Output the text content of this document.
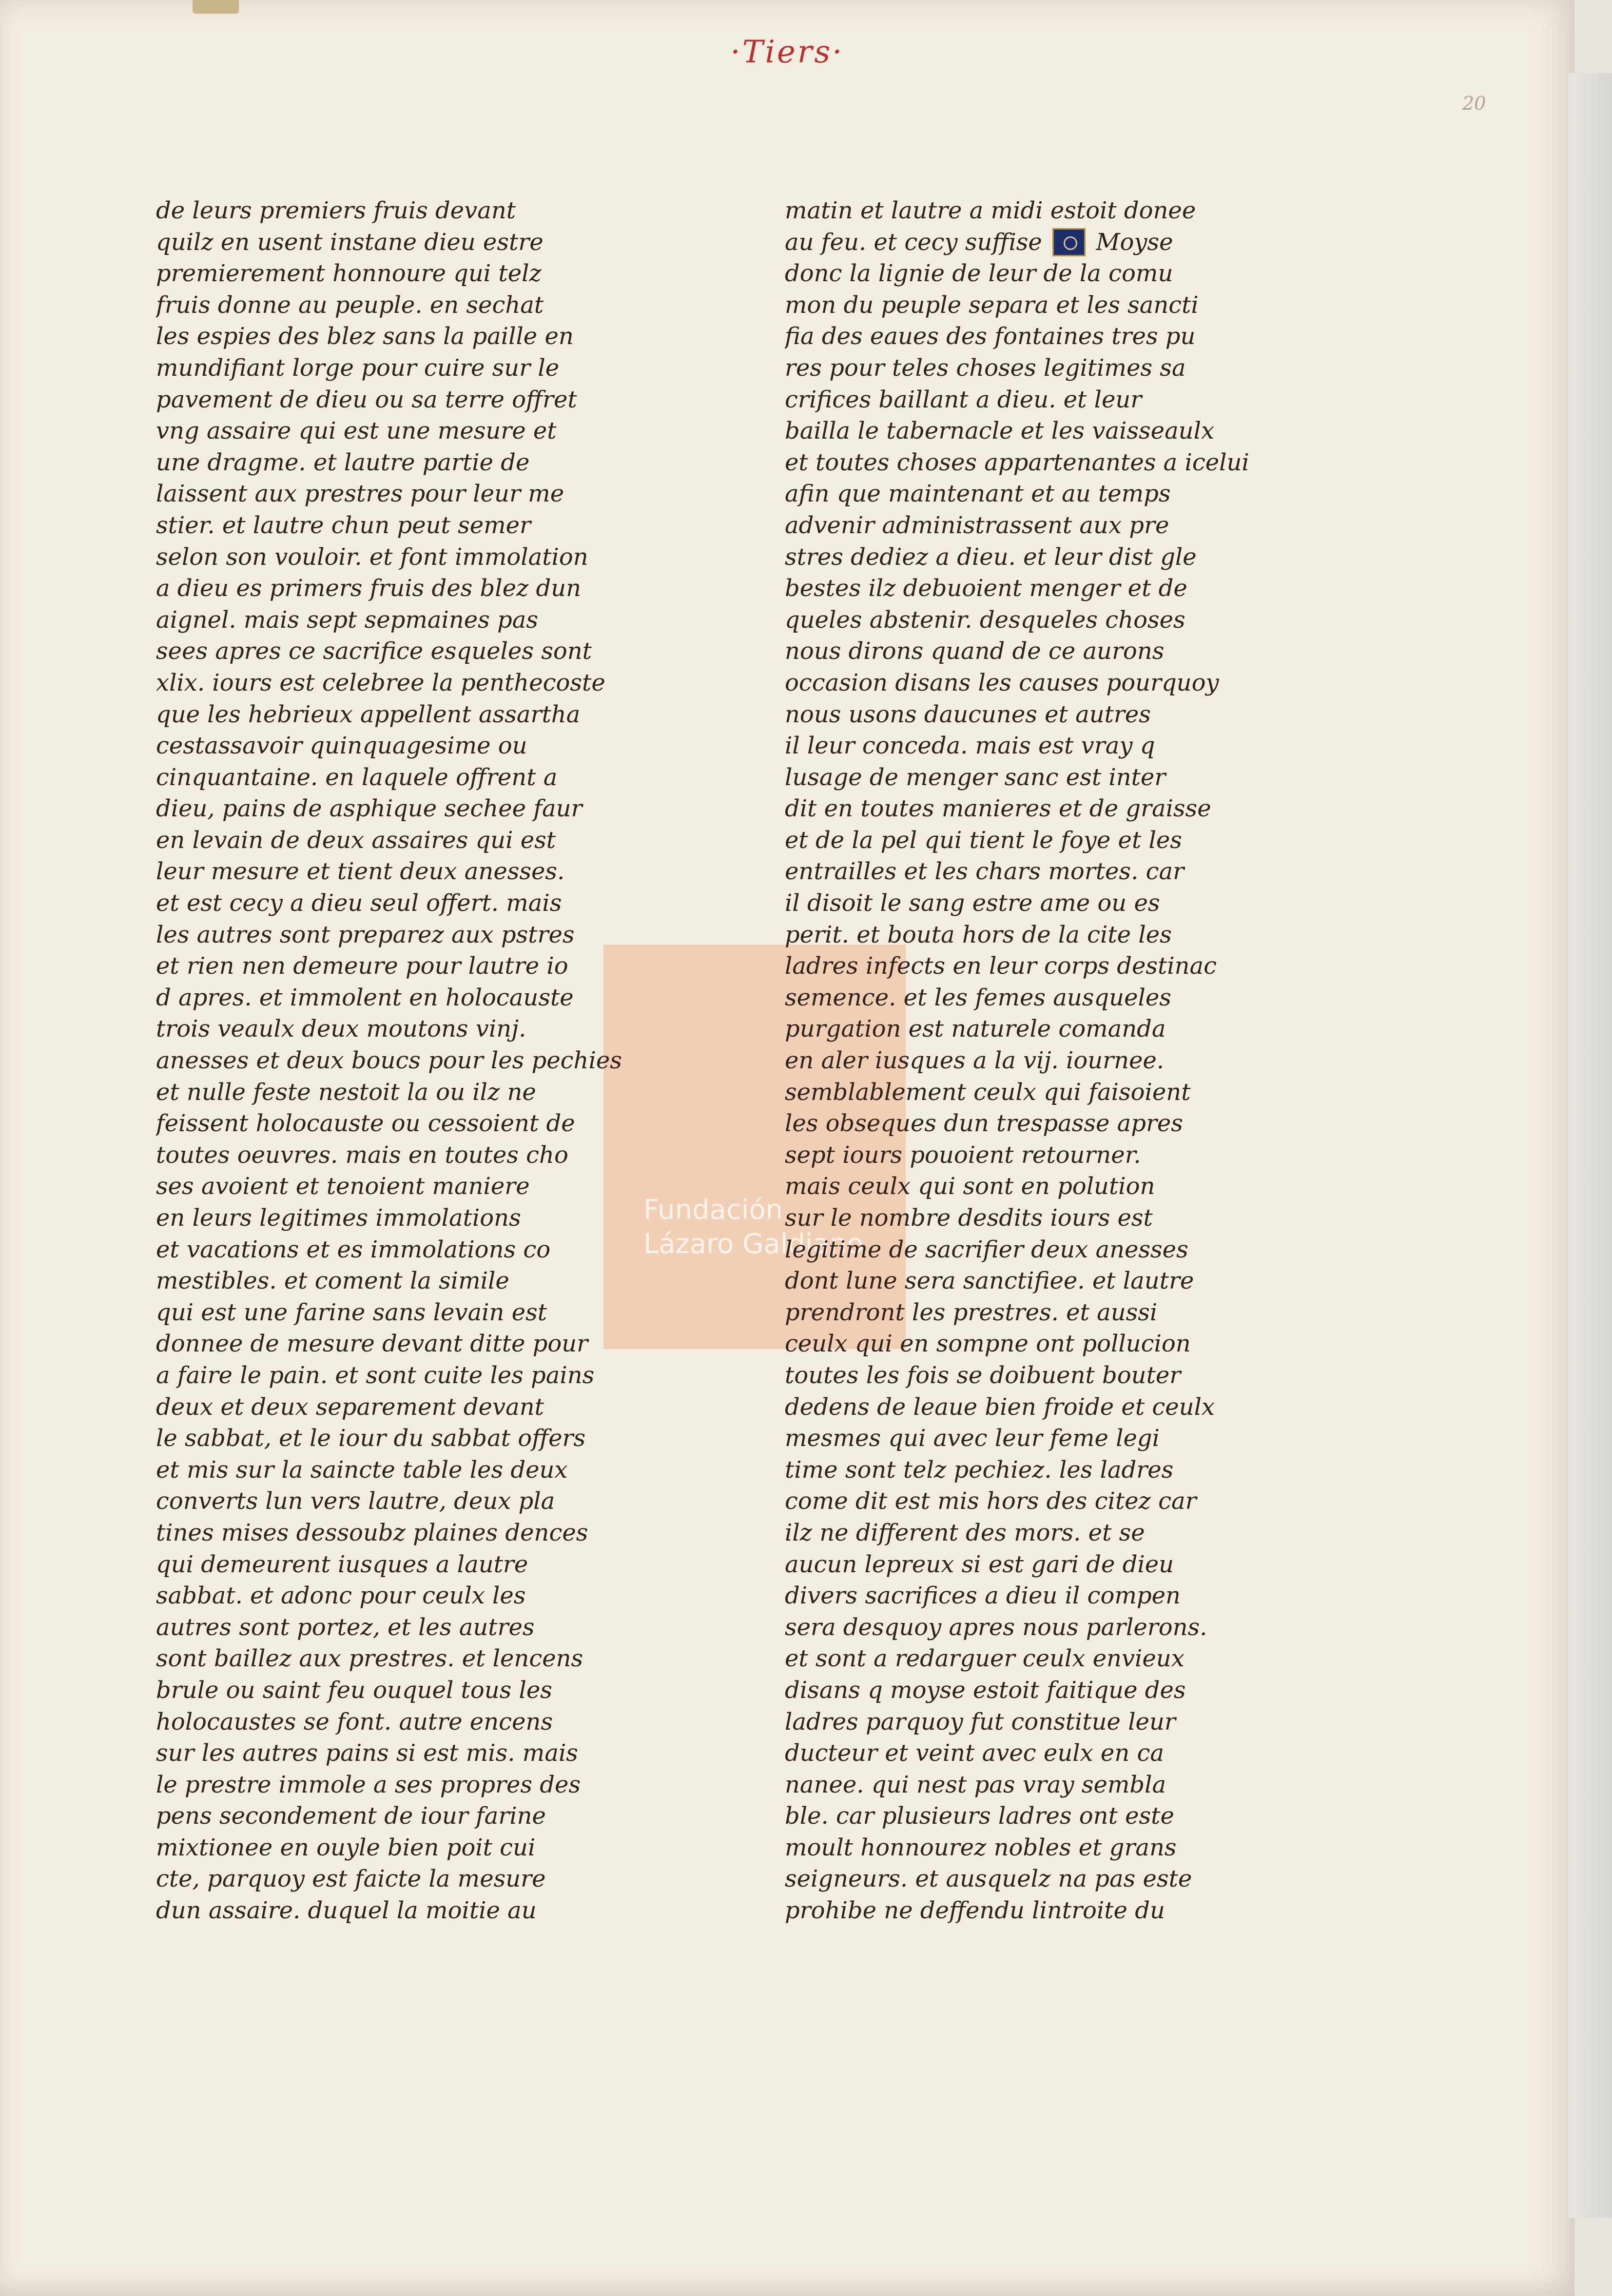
·Tiers·
20
Fundación
Lázaro Galdiano
de leurs premiers fruis devant
quilz en usent instane dieu estre
premierement honnoure qui telz
fruis donne au peuple. en sechat
les espies des blez sans la paille en
mundifiant lorge pour cuire sur le
pavement de dieu ou sa terre offret
vng assaire qui est une mesure et
une dragme. et lautre partie de
laissent aux prestres pour leur me
stier. et lautre chun peut semer
selon son vouloir. et font immolation
a dieu es primers fruis des blez dun
aignel. mais sept sepmaines pas
sees apres ce sacrifice esqueles sont
xlix. iours est celebree la penthecoste
que les hebrieux appellent assartha
cestassavoir quinquagesime ou
cinquantaine. en laquele offrent a
dieu, pains de asphique sechee faur
en levain de deux assaires qui est
leur mesure et tient deux anesses.
et est cecy a dieu seul offert. mais
les autres sont preparez aux pstres
et rien nen demeure pour lautre io
d apres. et immolent en holocauste
trois veaulx deux moutons vinj.
anesses et deux boucs pour les pechies
et nulle feste nestoit la ou ilz ne
feissent holocauste ou cessoient de
toutes oeuvres. mais en toutes cho
ses avoient et tenoient maniere
en leurs legitimes immolations
et vacations et es immolations co
mestibles. et coment la simile
qui est une farine sans levain est
donnee de mesure devant ditte pour
a faire le pain. et sont cuite les pains
deux et deux separement devant
le sabbat, et le iour du sabbat offers
et mis sur la saincte table les deux
converts lun vers lautre, deux pla
tines mises dessoubz plaines dences
qui demeurent iusques a lautre
sabbat. et adonc pour ceulx les
autres sont portez, et les autres
sont baillez aux prestres. et lencens
brule ou saint feu ouquel tous les
holocaustes se font. autre encens
sur les autres pains si est mis. mais
le prestre immole a ses propres des
pens secondement de iour farine
mixtionee en ouyle bien poit cui
cte, parquoy est faicte la mesure
dun assaire. duquel la moitie au
matin et lautre a midi estoit donee
au feu. et cecy suffise Moyse
donc la lignie de leur de la comu
mon du peuple separa et les sancti
fia des eaues des fontaines tres pu
res pour teles choses legitimes sa
crifices baillant a dieu. et leur
bailla le tabernacle et les vaisseaulx
et toutes choses appartenantes a icelui
afin que maintenant et au temps
advenir administrassent aux pre
stres dediez a dieu. et leur dist gle
bestes ilz debuoient menger et de
queles abstenir. desqueles choses
nous dirons quand de ce aurons
occasion disans les causes pourquoy
nous usons daucunes et autres
il leur conceda. mais est vray q
lusage de menger sanc est inter
dit en toutes manieres et de graisse
et de la pel qui tient le foye et les
entrailles et les chars mortes. car
il disoit le sang estre ame ou es
perit. et bouta hors de la cite les
ladres infects en leur corps destinac
semence. et les femes ausqueles
purgation est naturele comanda
en aler iusques a la vij. iournee.
semblablement ceulx qui faisoient
les obseques dun trespasse apres
sept iours pouoient retourner.
mais ceulx qui sont en polution
sur le nombre desdits iours est
legitime de sacrifier deux anesses
dont lune sera sanctifiee. et lautre
prendront les prestres. et aussi
ceulx qui en sompne ont pollucion
toutes les fois se doibuent bouter
dedens de leaue bien froide et ceulx
mesmes qui avec leur feme legi
time sont telz pechiez. les ladres
come dit est mis hors des citez car
ilz ne different des mors. et se
aucun lepreux si est gari de dieu
divers sacrifices a dieu il compen
sera desquoy apres nous parlerons.
et sont a redarguer ceulx envieux
disans q moyse estoit faitique des
ladres parquoy fut constitue leur
ducteur et veint avec eulx en ca
nanee. qui nest pas vray sembla
ble. car plusieurs ladres ont este
moult honnourez nobles et grans
seigneurs. et ausquelz na pas este
prohibe ne deffendu lintroite du
